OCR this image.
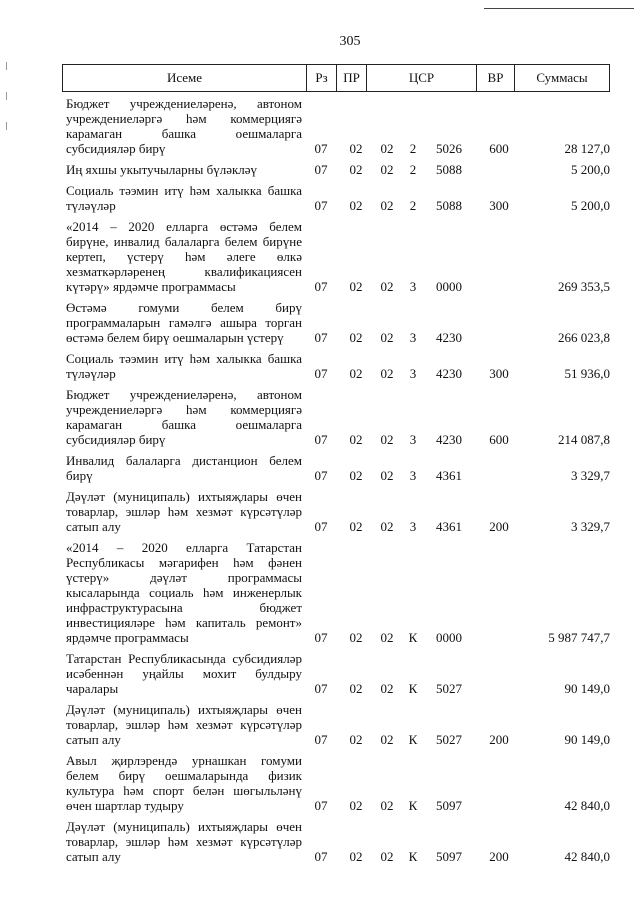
305
Исеме	Рз	ПР	ЦСР	ВР	Суммасы
Бюджет учреждениеләренә, автоном учреждениеләргә һәм коммерциягә карамаган башка оешмаларга субсидияләр бирү	07	02	02	2	5026	600	28 127,0
Иң яхшы укытучыларны бүләкләү	07	02	02	2	5088	5 200,0
Социаль тәэмин итү һәм халыкка башка түләүләр	07	02	02	2	5088	300	5 200,0
«2014 – 2020 елларга өстәмә белем бирүне, инвалид балаларга белем бирүне кертеп, үстерү һәм әлеге өлкә хезматкәрләренең квалификациясен күтәрү» ярдәмче программасы	07	02	02	3	0000	269 353,5
Өстәмә гомуми белем бирү программаларын гамәлгә ашыра торган өстәмә белем бирү оешмаларын үстерү	07	02	02	3	4230	266 023,8
Социаль тәэмин итү һәм халыкка башка түләүләр	07	02	02	3	4230	300	51 936,0
Бюджет учреждениеләренә, автоном учреждениеләргә һәм коммерциягә карамаган башка оешмаларга субсидияләр бирү	07	02	02	3	4230	600	214 087,8
Инвалид балаларга дистанцион белем бирү	07	02	02	3	4361	3 329,7
Дәүләт (муниципаль) ихтыяҗлары өчен товарлар, эшләр һәм хезмәт күрсәтүләр сатып алу	07	02	02	3	4361	200	3 329,7
«2014 – 2020 елларга Татарстан Республикасы мәгарифен һәм фәнен үстерү» дәүләт программасы кысаларында социаль һәм инженерлык инфраструктурасына бюджет инвестицияләре һәм капиталь ремонт» ярдәмче программасы	07	02	02	К	0000	5 987 747,7
Татарстан Республикасында субсидияләр исәбеннән уңайлы мохит булдыру чаралары	07	02	02	К	5027	90 149,0
Дәүләт (муниципаль) ихтыяҗлары өчен товарлар, эшләр һәм хезмәт күрсәтүләр сатып алу	07	02	02	К	5027	200	90 149,0
Авыл җирлэрендә урнашкан гомуми белем бирү оешмаларында физик культура һәм спорт белән шөгыльләнү өчен шартлар тудыру	07	02	02	К	5097	42 840,0
Дәүләт (муниципаль) ихтыяҗлары өчен товарлар, эшләр һәм хезмәт күрсәтүләр сатып алу	07	02	02	К	5097	200	42 840,0
